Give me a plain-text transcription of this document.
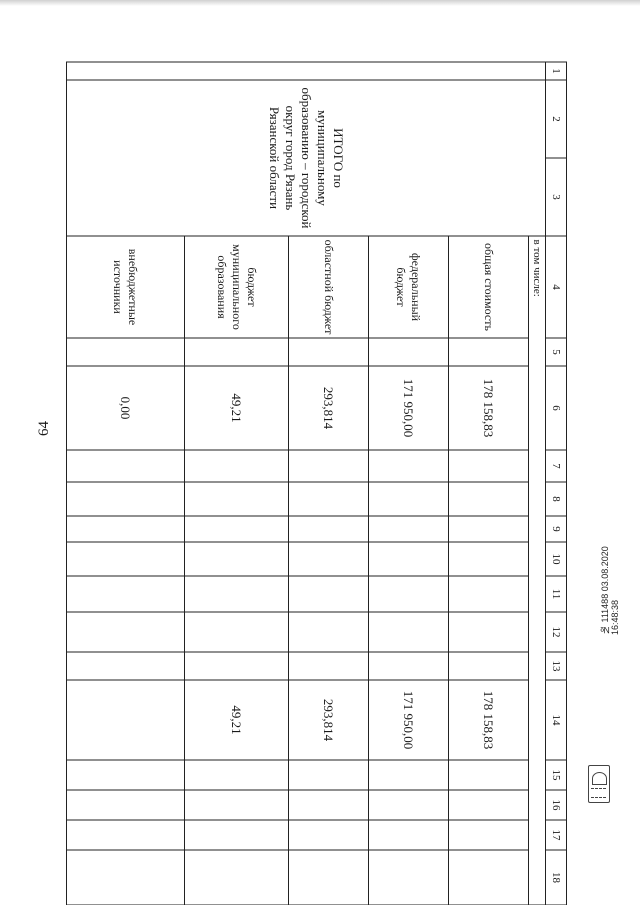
64
1	2	3	4	5	6	7	8	9	10	11	12	13	14	15	16	17	18
	ИТОГО по муниципальному образованию – городской округ город Рязань Рязанской области		в том числе:														
			общая стоимость		178 158,83								178 158,83				
			федеральный бюджет		171 950,00								171 950,00				
			областной бюджет		293,814								293,814				
			бюджет муниципального образования		49,21								49,21				
			внебюджетные источники		0,00												
№ 111488 03.08.2020 16:48:38
